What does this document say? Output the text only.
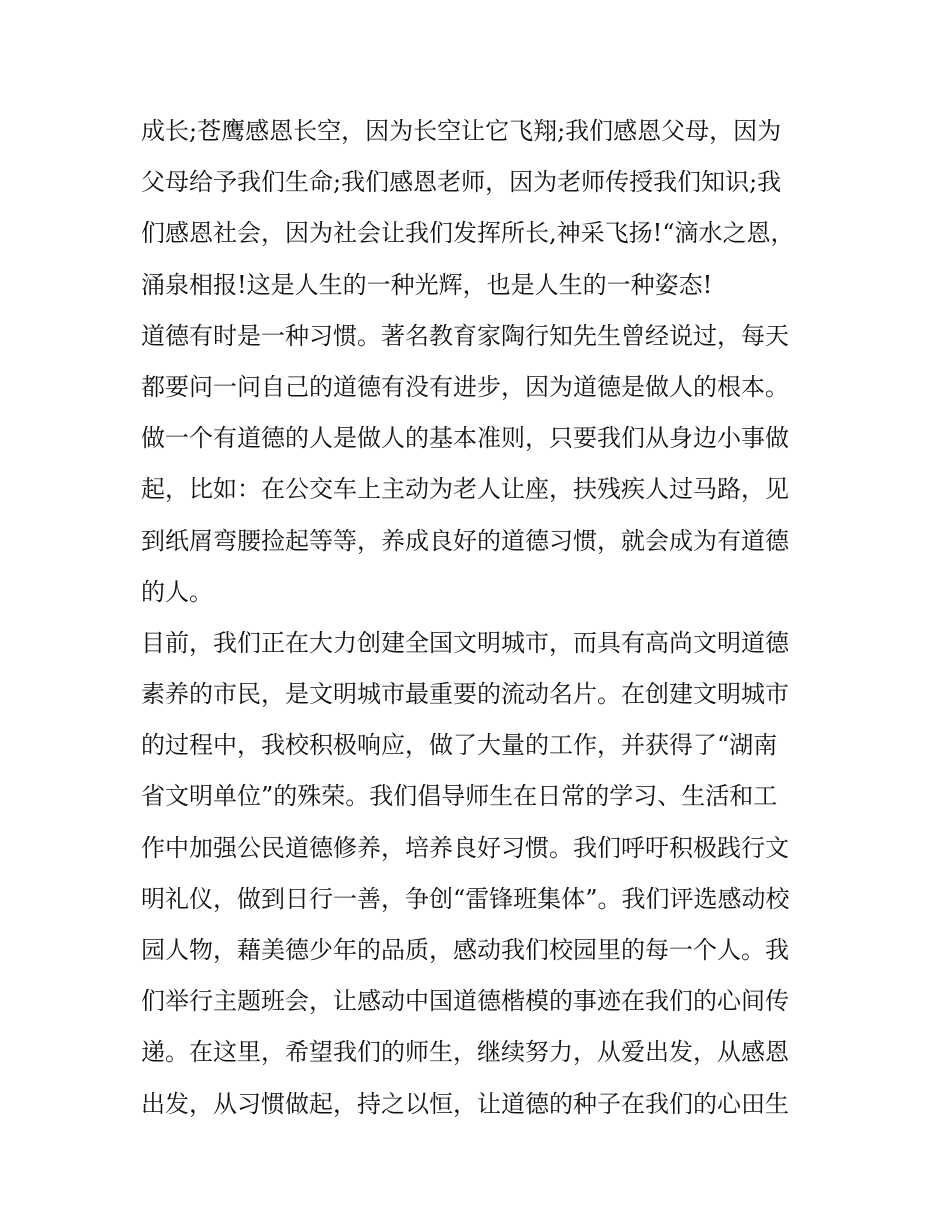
成长;苍鹰感恩长空，因为长空让它飞翔;我们感恩父母，因为
父母给予我们生命;我们感恩老师，因为老师传授我们知识;我
们感恩社会，因为社会让我们发挥所长,神采飞扬!“滴水之恩，
涌泉相报!这是人生的一种光辉，也是人生的一种姿态!
道德有时是一种习惯。著名教育家陶行知先生曾经说过，每天
都要问一问自己的道德有没有进步，因为道德是做人的根本。
做一个有道德的人是做人的基本准则，只要我们从身边小事做
起，比如：在公交车上主动为老人让座，扶残疾人过马路，见
到纸屑弯腰捡起等等，养成良好的道德习惯，就会成为有道德
的人。
目前，我们正在大力创建全国文明城市，而具有高尚文明道德
素养的市民，是文明城市最重要的流动名片。在创建文明城市
的过程中，我校积极响应，做了大量的工作，并获得了“湖南
省文明单位”的殊荣。我们倡导师生在日常的学习、生活和工
作中加强公民道德修养，培养良好习惯。我们呼吁积极践行文
明礼仪，做到日行一善，争创“雷锋班集体”。我们评选感动校
园人物，藉美德少年的品质，感动我们校园里的每一个人。我
们举行主题班会，让感动中国道德楷模的事迹在我们的心间传
递。在这里，希望我们的师生，继续努力，从爱出发，从感恩
出发，从习惯做起，持之以恒，让道德的种子在我们的心田生
